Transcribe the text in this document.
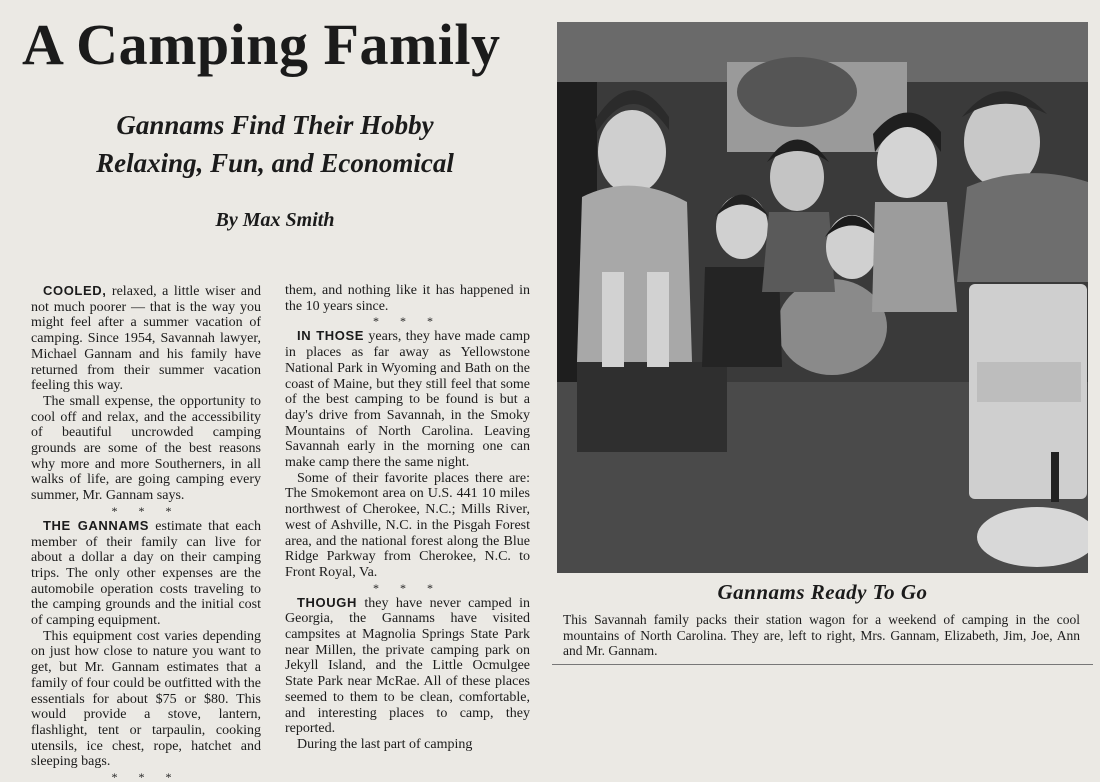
A Camping Family
Gannams Find Their Hobby
Relaxing, Fun, and Economical
By Max Smith

COOLED, relaxed, a little wiser and not much poorer — that is the way you might feel after a summer vacation of camping. Since 1954, Savannah lawyer, Michael Gannam and his family have returned from their summer vacation feeling this way.

The small expense, the opportunity to cool off and relax, and the accessibility of beautiful uncrowded camping grounds are some of the best reasons why more and more Southerners, in all walks of life, are going camping every summer, Mr. Gannam says.

* * *

THE GANNAMS estimate that each member of their family can live for about a dollar a day on their camping trips. The only other expenses are the automobile operation costs traveling to the camping grounds and the initial cost of camping equipment.

This equipment cost varies depending on just how close to nature you want to get, but Mr. Gannam estimates that a family of four could be outfitted with the essentials for about $75 or $80. This would provide a stove, lantern, flashlight, tent or tarpaulin, cooking utensils, ice chest, rope, hatchet and sleeping bags.

* * *

them, and nothing like it has happened in the 10 years since.

* * *

IN THOSE years, they have made camp in places as far away as Yellowstone National Park in Wyoming and Bath on the coast of Maine, but they still feel that some of the best camping to be found is but a day's drive from Savannah, in the Smoky Mountains of North Carolina. Leaving Savannah early in the morning one can make camp there the same night.

Some of their favorite places there are: The Smokemont area on U.S. 441 10 miles northwest of Cherokee, N.C.; Mills River, west of Ashville, N.C. in the Pisgah Forest area, and the national forest along the Blue Ridge Parkway from Cherokee, N.C. to Front Royal, Va.

* * *

THOUGH they have never camped in Georgia, the Gannams have visited campsites at Magnolia Springs State Park near Millen, the private camping park on Jekyll Island, and the Little Ocmulgee State Park near McRae. All of these places seemed to them to be clean, comfortable, and interesting places to camp, they reported.

During the last part of camping

Gannams Ready To Go
This Savannah family packs their station wagon for a weekend of camping in the cool mountains of North Carolina. They are, left to right, Mrs. Gannam, Elizabeth, Jim, Joe, Ann and Mr. Gannam.
